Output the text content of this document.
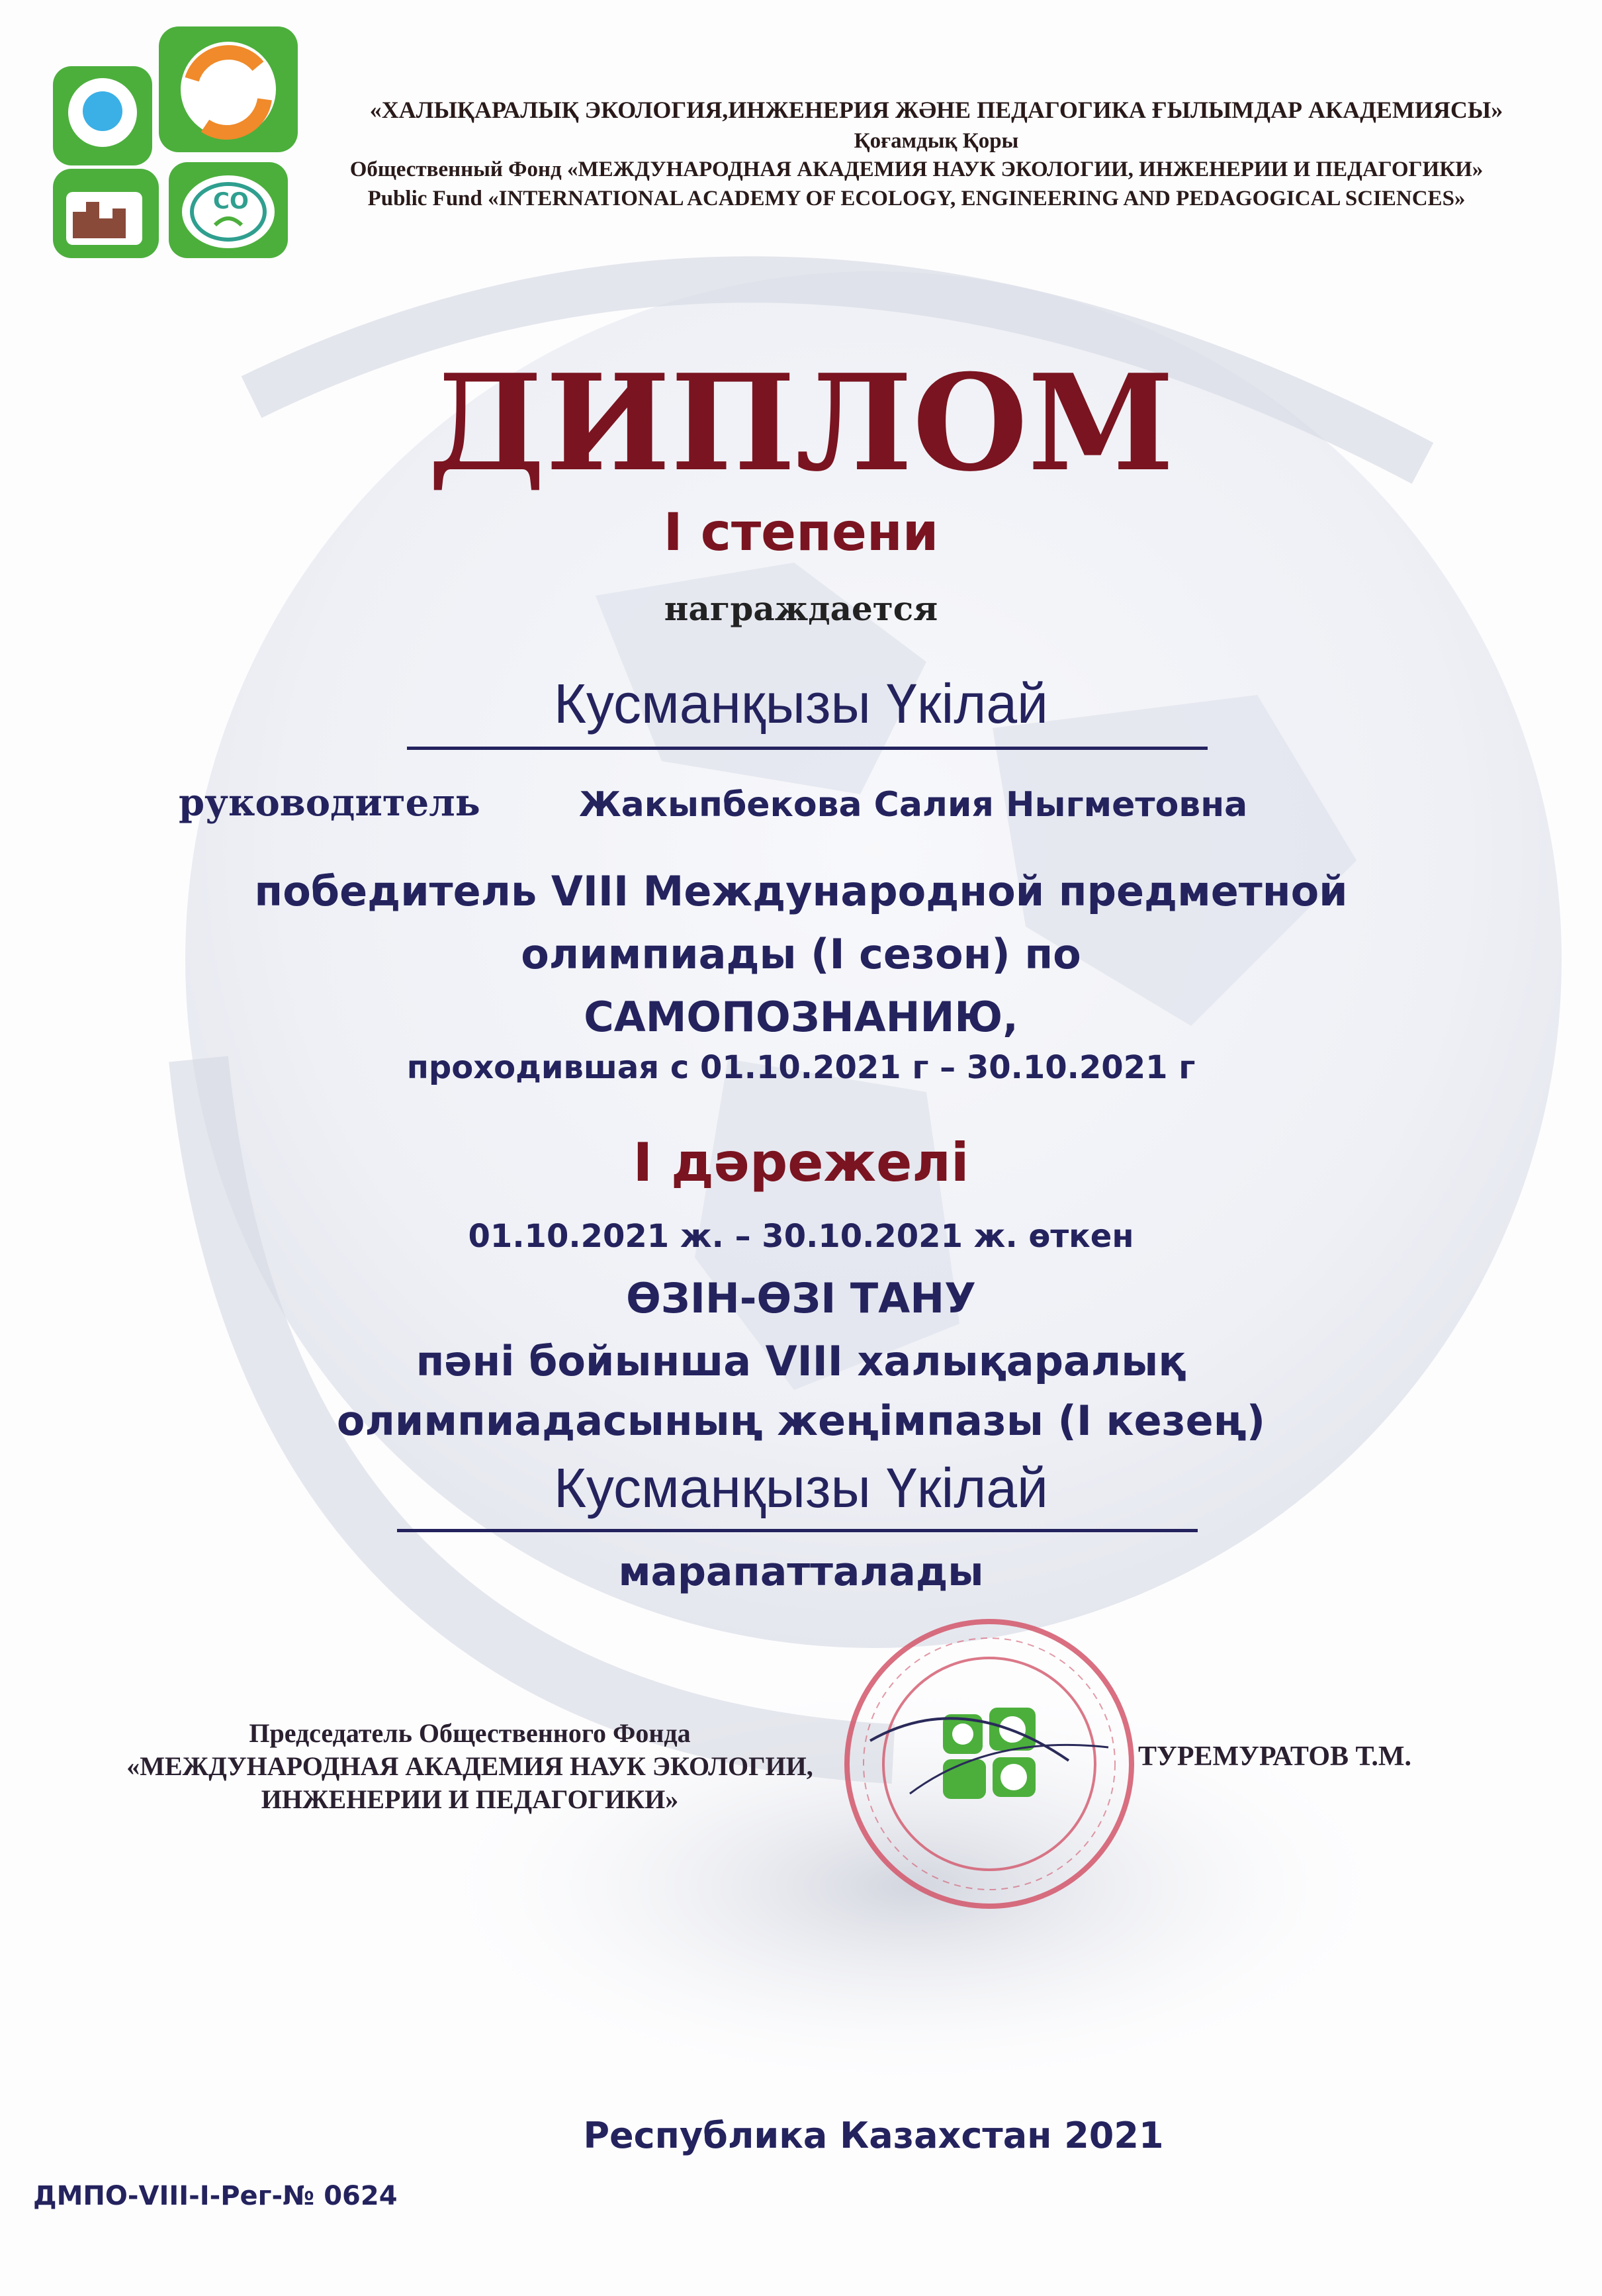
CO
«ХАЛЫҚАРАЛЫҚ ЭКОЛОГИЯ,ИНЖЕНЕРИЯ ЖӘНЕ ПЕДАГОГИКА ҒЫЛЫМДАР АКАДЕМИЯСЫ»
Қоғамдық Қоры
Общественный Фонд «МЕЖДУНАРОДНАЯ АКАДЕМИЯ НАУК ЭКОЛОГИИ, ИНЖЕНЕРИИ И ПЕДАГОГИКИ»
Public Fund «INTERNATIONAL ACADEMY OF ECOLOGY, ENGINEERING AND PEDAGOGICAL SCIENCES»
ДИПЛОМ
I степени
награждается
Кусманқызы Үкілай
руководитель	Жакыпбекова Салия Ныгметовна
победитель VIII Международной предметной
олимпиады (I сезон) по
САМОПОЗНАНИЮ,
проходившая с 01.10.2021 г – 30.10.2021 г
I дәрежелі
01.10.2021 ж. – 30.10.2021 ж. өткен
ӨЗІН-ӨЗІ ТАНУ
пәні бойынша VIII халықаралық
олимпиадасының жеңімпазы (I кезең)
Кусманқызы Үкілай
марапатталады
Председатель Общественного Фонда
«МЕЖДУНАРОДНАЯ АКАДЕМИЯ НАУК ЭКОЛОГИИ,
ИНЖЕНЕРИИ И ПЕДАГОГИКИ»
ТУРЕМУРАТОВ Т.М.
Республика Казахстан 2021
ДМПО-VIII-I-Рег-№ 0624
